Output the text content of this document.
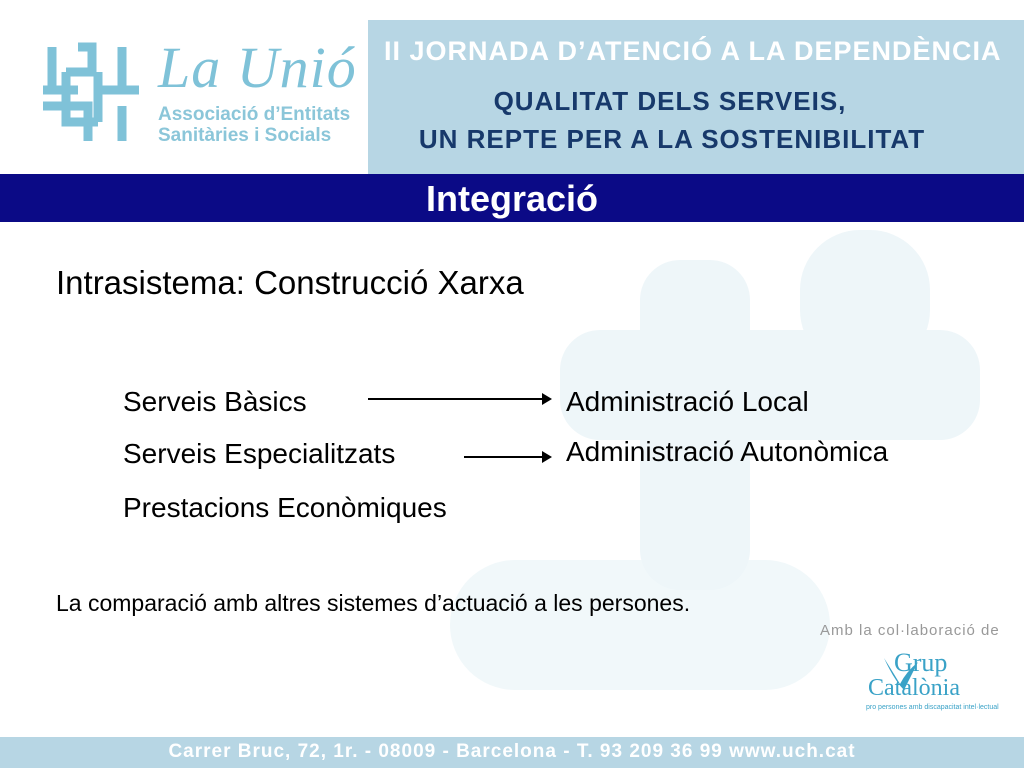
La Unió
Associació d’Entitats
Sanitàries i Socials
II JORNADA D’ATENCIÓ A LA DEPENDÈNCIA
QUALITAT DELS SERVEIS,
UN REPTE PER A LA SOSTENIBILITAT
Integració
Intrasistema: Construcció Xarxa
Serveis Bàsics	Administració Local
Serveis Especialitzats	Administració Autonòmica
Prestacions Econòmiques
La comparació amb altres sistemes d’actuació a les persones.
Amb la col·laboració de
Grup
Catalònia
pro persones amb discapacitat intel·lectual
Carrer Bruc, 72, 1r. - 08009 - Barcelona - T. 93 209 36 99 www.uch.cat
